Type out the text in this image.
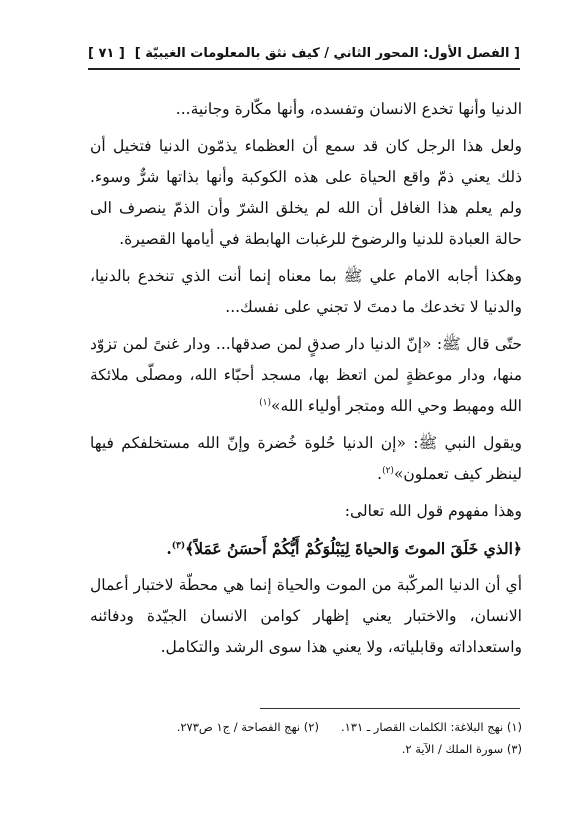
[ ٧١ ] [ الفصل الأول: المحور الثاني / كيف نثق بالمعلومات الغيبيّة ]

الدنيا وأنها تخدع الانسان وتفسده، وأنها مكّارة وجانية...

ولعل هذا الرجل كان قد سمع أن العظماء يذمّون الدنيا فتخيل أن ذلك يعني ذمّ واقع الحياة على هذه الكوكبة وأنها بذاتها شرٌّ وسوء. ولم يعلم هذا الغافل أن الله لم يخلق الشرّ وأن الذمّ ينصرف الى حالة العبادة للدنيا والرضوخ للرغبات الهابطة في أيامها القصيرة.

وهكذا أجابه الامام علي ﷺ بما معناه إنما أنت الذي تنخدع بالدنيا، والدنيا لا تخدعك ما دمتَ لا تجني على نفسك...

حتّى قال ﷺ: «إنّ الدنيا دار صدقٍ لمن صدقها... ودار غنىً لمن تزوّد منها، ودار موعظةٍ لمن اتعظ بها، مسجد أحبّاء الله، ومصلّى ملائكة الله ومهبط وحي الله ومتجر أولياء الله»$^{(١)}$

ويقول النبي ﷺ: «إن الدنيا حُلوة خُضرة وإنّ الله مستخلفكم فيها لينظر كيف تعملون»$^{(٢)}$.

وهذا مفهوم قول الله تعالى:

﴿الذي خَلَقَ الموتَ وَالحياةَ لِيَبْلُوَكُمْ أَيُّكُمْ أَحسَنُ عَمَلاً﴾$^{(٣)}$.

أي أن الدنيا المركّبة من الموت والحياة إنما هي محطّة لاختبار أعمال الانسان، والاختبار يعني إظهار كوامن الانسان الجيّدة ودفائنه واستعداداته وقابلياته، ولا يعني هذا سوى الرشد والتكامل.

(١) نهج البلاغة: الكلمات القصار ـ ١٣١.(٢) نهج الفصاحة / ج١ ص٢٧٣.

(٣) سورة الملك / الآية ٢.
